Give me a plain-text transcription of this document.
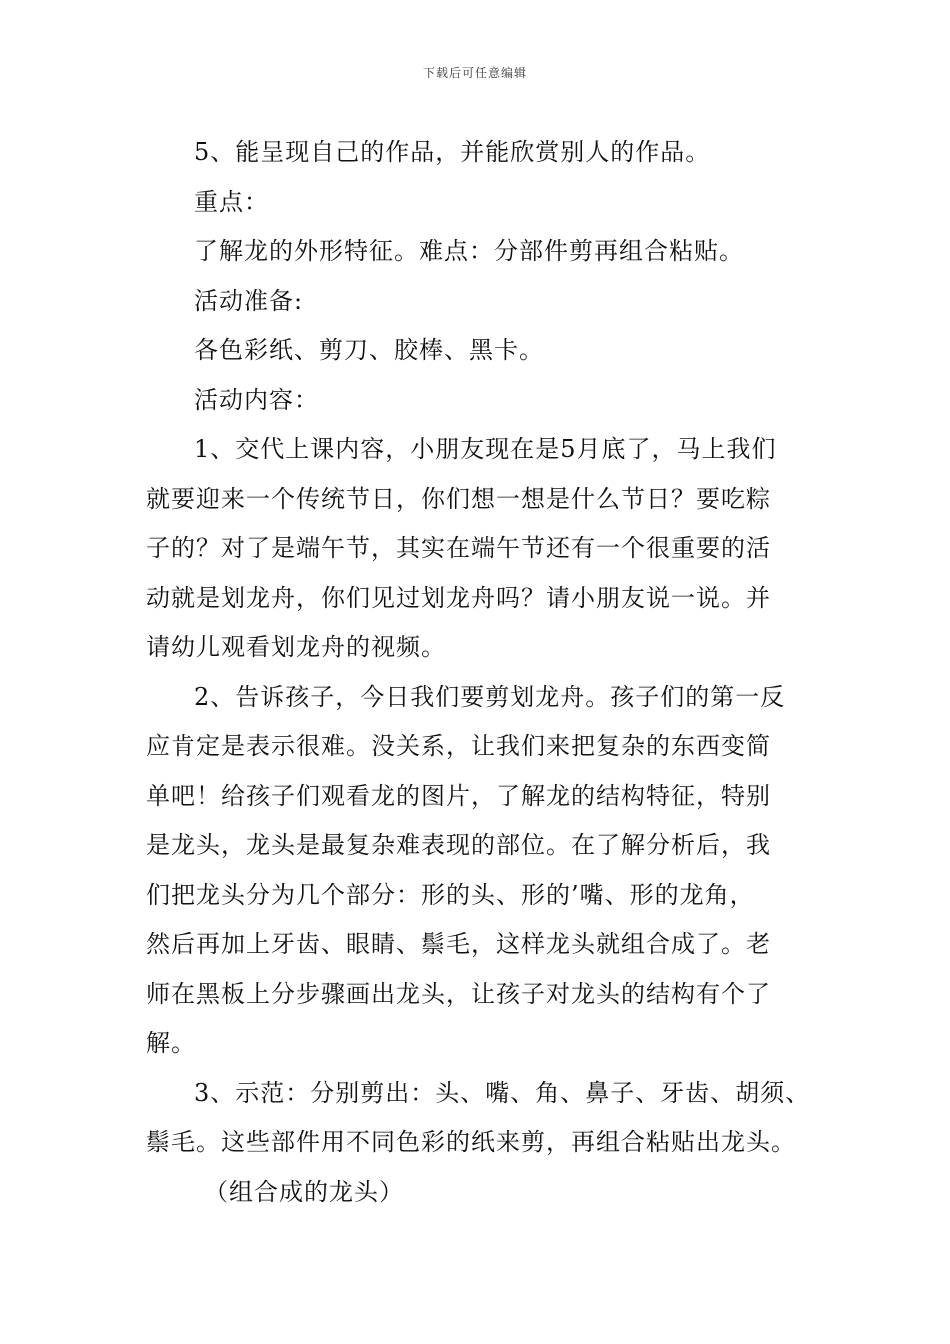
下载后可任意编辑
5、能呈现自己的作品，并能欣赏别人的作品。
重点：
了解龙的外形特征。难点：分部件剪再组合粘贴。
活动准备:
各色彩纸、剪刀、胶棒、黑卡。
活动内容：
1、交代上课内容，小朋友现在是5月底了，马上我们
就要迎来一个传统节日，你们想一想是什么节日？要吃粽
子的？对了是端午节，其实在端午节还有一个很重要的活
动就是划龙舟，你们见过划龙舟吗？请小朋友说一说。并
请幼儿观看划龙舟的视频。
2、告诉孩子，今日我们要剪划龙舟。孩子们的第一反
应肯定是表示很难。没关系，让我们来把复杂的东西变简
单吧！给孩子们观看龙的图片，了解龙的结构特征，特别
是龙头，龙头是最复杂难表现的部位。在了解分析后，我
们把龙头分为几个部分：形的头、形的’嘴、形的龙角，
然后再加上牙齿、眼睛、鬃毛，这样龙头就组合成了。老
师在黑板上分步骤画出龙头，让孩子对龙头的结构有个了
解。
3、示范：分别剪出：头、嘴、角、鼻子、牙齿、胡须、
鬃毛。这些部件用不同色彩的纸来剪，再组合粘贴出龙头。
（组合成的龙头）
